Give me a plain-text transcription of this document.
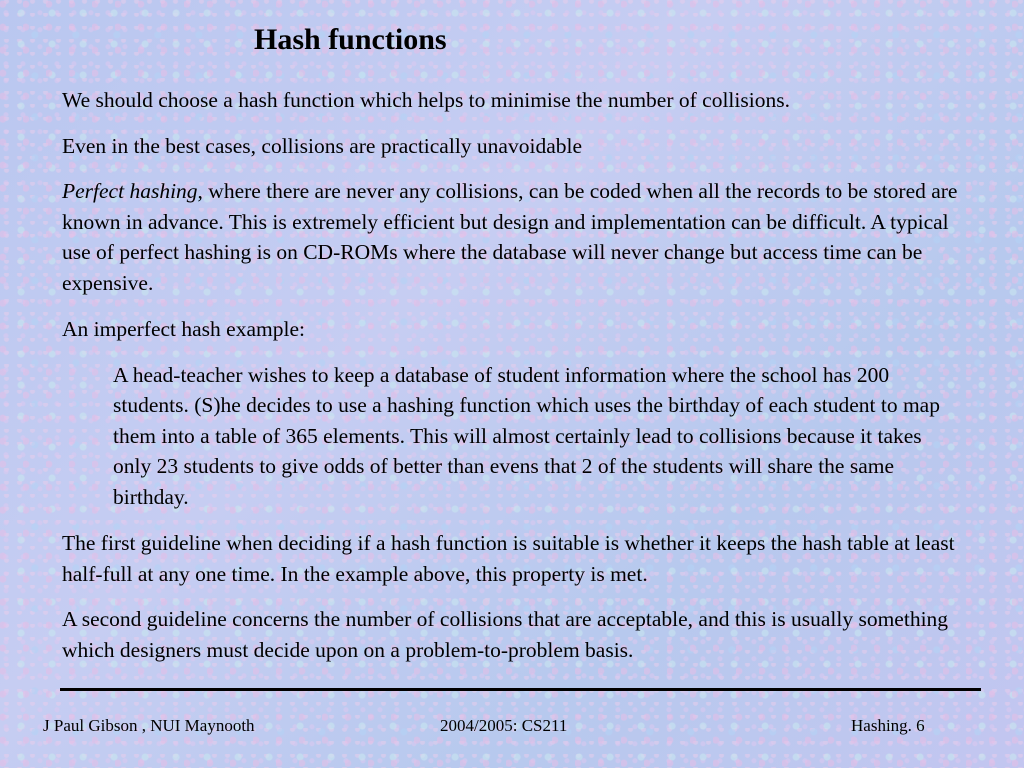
Hash functions

We should choose a hash function which helps to minimise the number of collisions.

Even in the best cases, collisions are practically unavoidable

Perfect hashing, where there are never any collisions, can be coded when all the records to be stored are known in advance. This is extremely efficient but design and implementation can be difficult. A typical use of perfect hashing is on CD-ROMs where the database will never change but access time can be expensive.

An imperfect hash example:

A head-teacher wishes to keep a database of student information where the school has 200 students. (S)he decides to use a hashing function which uses the birthday of each student to map them into a table of 365 elements. This will almost certainly lead to collisions because it takes only 23 students to give odds of better than evens that 2 of the students will share the same birthday.

The first guideline when deciding if a hash function is suitable is whether it keeps the hash table at least half-full at any one time. In the example above, this property is met.

A second guideline concerns the number of collisions that are acceptable, and this is usually something which designers must decide upon on a problem-to-problem basis.

J Paul Gibson , NUI Maynooth	2004/2005: CS211	Hashing. 6
